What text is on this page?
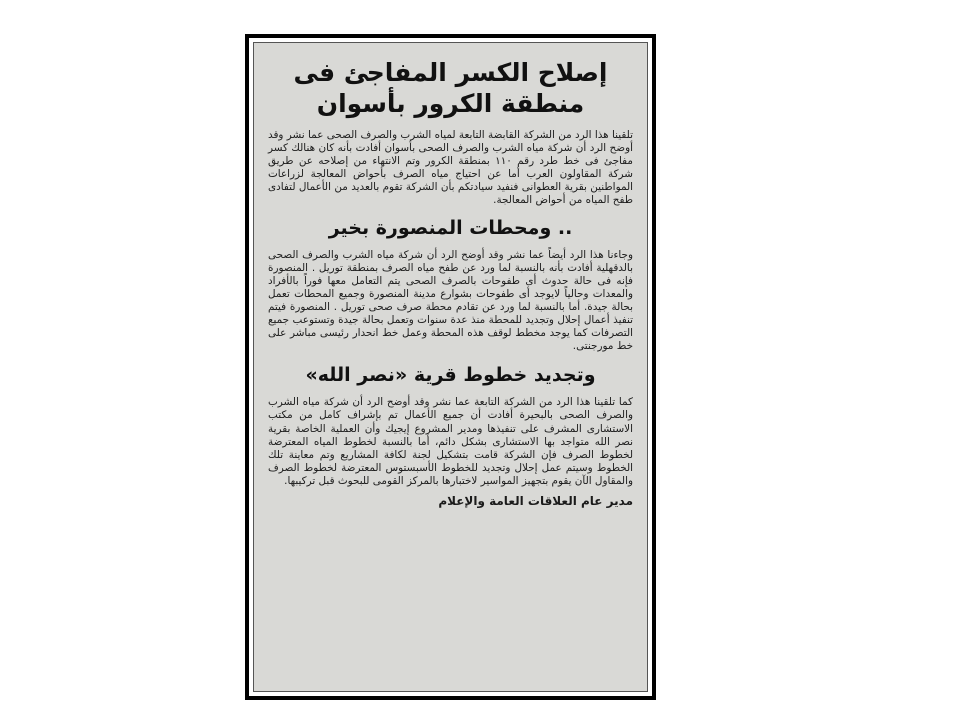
إصلاح الكسر المفاجئ فى
منطقة الكرور بأسوان

تلقينا هذا الرد من الشركة القابضة التابعة لمياه الشرب والصرف الصحى عما نشر وقد أوضح الرد أن شركة مياه الشرب والصرف الصحى بأسوان أفادت بأنه كان هنالك كسر مفاجئ فى خط طرد رقم ١١٠ بمنطقة الكرور وتم الانتهاء من إصلاحه عن طريق شركة المقاولون العرب أما عن احتياج مياه الصرف بأحواض المعالجة لزراعات المواطنين بقرية العطوانى فنفيد سيادتكم بأن الشركة تقوم بالعديد من الأعمال لتفادى طفح المياه من أحواض المعالجة.

.. ومحطات المنصورة بخير

وجاءنا هذا الرد أيضاً عما نشر وقد أوضح الرد أن شركة مياه الشرب والصرف الصحى بالدقهلية أفادت بأنه بالنسبة لما ورد عن طفح مياه الصرف بمنطقة توريل . المنصورة فإنه فى حالة حدوث أى طفوحات بالصرف الصحى يتم التعامل معها فوراً بالأفراد والمعدات وحالياً لايوجد أى طفوحات بشوارع مدينة المنصورة وجميع المحطات تعمل بحالة جيدة. أما بالنسبة لما ورد عن تقادم محطة صرف صحى توريل . المنصورة فيتم تنفيذ أعمال إحلال وتجديد للمحطة منذ عدة سنوات وتعمل بحالة جيدة وتستوعب جميع التصرفات كما يوجد مخطط لوقف هذه المحطة وعمل خط انحدار رئيسى مباشر على خط مورجنتى.

وتجديد خطوط قرية «نصر الله»

كما تلقينا هذا الرد من الشركة التابعة عما نشر وقد أوضح الرد أن شركة مياه الشرب والصرف الصحى بالبحيرة أفادت أن جميع الأعمال تم بإشراف كامل من مكتب الاستشارى المشرف على تنفيذها ومدير المشروع إيجيك وأن العملية الخاصة بقرية نصر الله متواجد بها الاستشارى بشكل دائم، أما بالنسبة لخطوط المياه المعترضة لخطوط الصرف فإن الشركة قامت بتشكيل لجنة لكافة المشاريع وتم معاينة تلك الخطوط وسيتم عمل إحلال وتجديد للخطوط الأسبستوس المعترضة لخطوط الصرف والمقاول الآن يقوم بتجهيز المواسير لاختبارها بالمركز القومى للبحوث قبل تركيبها.

مدير عام العلاقات العامة والإعلام
